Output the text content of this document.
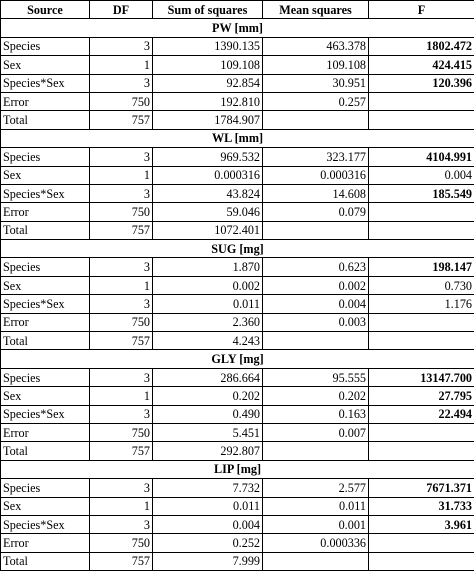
Source	DF	Sum of squares	Mean squares	F
PW [mm]				
Species	3	1390.135	463.378	1802.472
Sex	1	109.108	109.108	424.415
Species*Sex	3	92.854	30.951	120.396
Error	750	192.810	0.257	
Total	757	1784.907		
WL [mm]				
Species	3	969.532	323.177	4104.991
Sex	1	0.000316	0.000316	0.004
Species*Sex	3	43.824	14.608	185.549
Error	750	59.046	0.079	
Total	757	1072.401		
SUG [mg]				
Species	3	1.870	0.623	198.147
Sex	1	0.002	0.002	0.730
Species*Sex	3	0.011	0.004	1.176
Error	750	2.360	0.003	
Total	757	4.243		
GLY [mg]				
Species	3	286.664	95.555	13147.700
Sex	1	0.202	0.202	27.795
Species*Sex	3	0.490	0.163	22.494
Error	750	5.451	0.007	
Total	757	292.807		
LIP [mg]				
Species	3	7.732	2.577	7671.371
Sex	1	0.011	0.011	31.733
Species*Sex	3	0.004	0.001	3.961
Error	750	0.252	0.000336	
Total	757	7.999		
